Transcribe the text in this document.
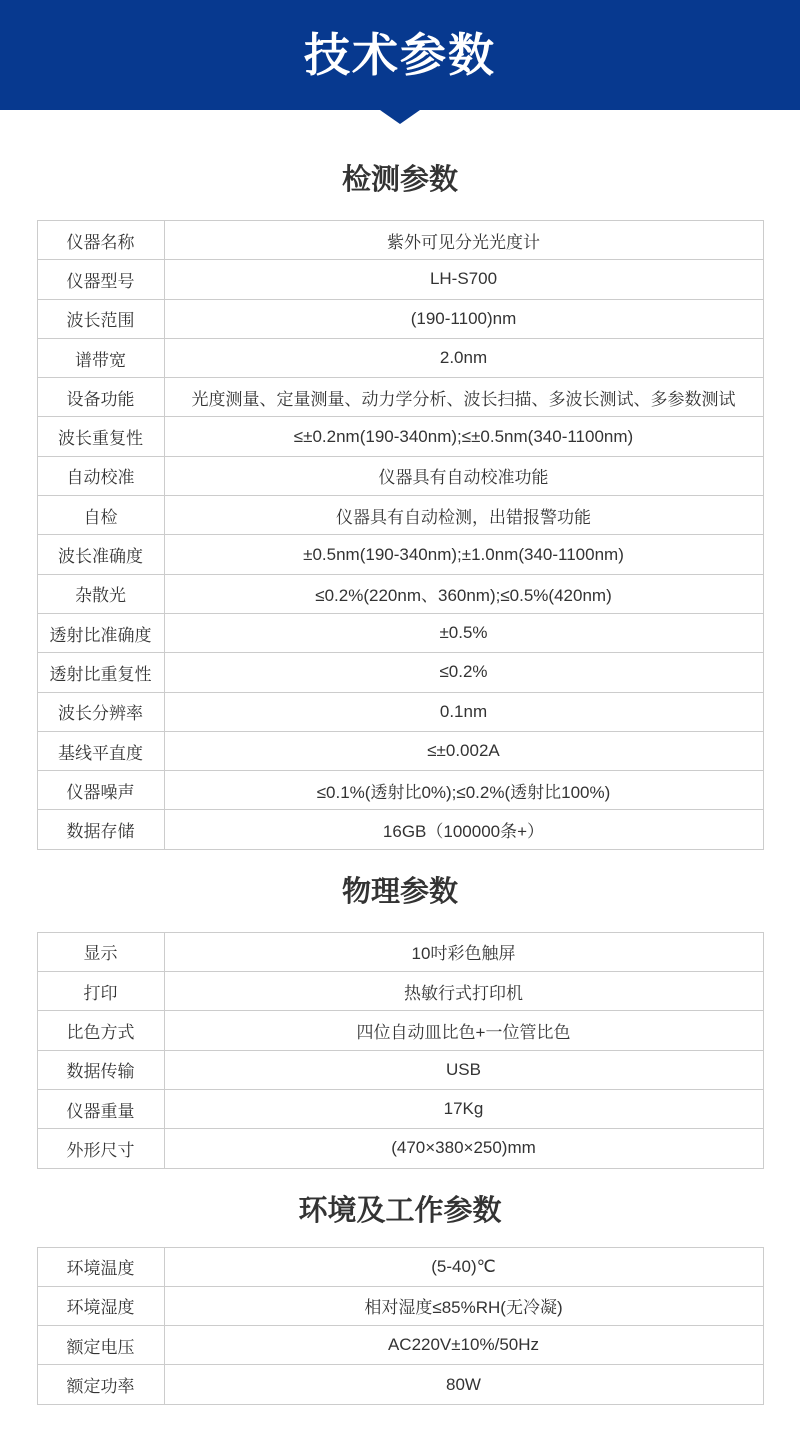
技术参数
检测参数
仪器名称	紫外可见分光光度计
仪器型号	LH-S700
波长范围	(190-1100)nm
谱带宽	2.0nm
设备功能	光度测量、定量测量、动力学分析、波长扫描、多波长测试、多参数测试
波长重复性	≤±0.2nm(190-340nm);≤±0.5nm(340-1100nm)
自动校准	仪器具有自动校准功能
自检	仪器具有自动检测，出错报警功能
波长准确度	±0.5nm(190-340nm);±1.0nm(340-1100nm)
杂散光	≤0.2%(220nm、360nm);≤0.5%(420nm)
透射比准确度	±0.5%
透射比重复性	≤0.2%
波长分辨率	0.1nm
基线平直度	≤±0.002A
仪器噪声	≤0.1%(透射比0%);≤0.2%(透射比100%)
数据存储	16GB（100000条+）
物理参数
显示	10吋彩色触屏
打印	热敏行式打印机
比色方式	四位自动皿比色+一位管比色
数据传输	USB
仪器重量	17Kg
外形尺寸	(470×380×250)mm
环境及工作参数
环境温度	(5-40)℃
环境湿度	相对湿度≤85%RH(无冷凝)
额定电压	AC220V±10%/50Hz
额定功率	80W
